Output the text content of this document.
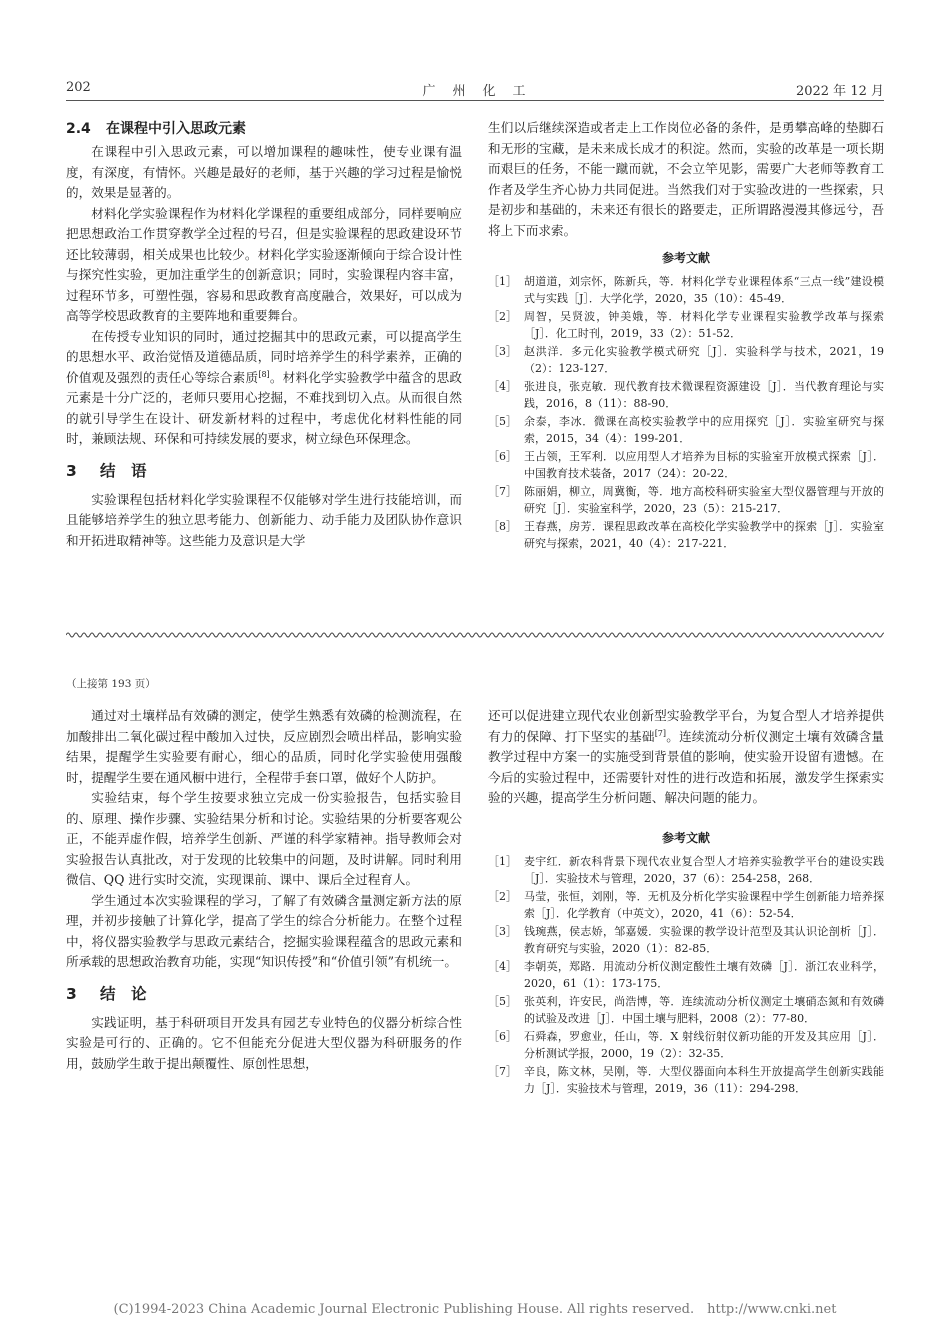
202	广　州　化　工	2022 年 12 月
2.4 在课程中引入思政元素

在课程中引入思政元素，可以增加课程的趣味性，使专业课有温度，有深度，有情怀。兴趣是最好的老师，基于兴趣的学习过程是愉悦的，效果是显著的。

材料化学实验课程作为材料化学课程的重要组成部分，同样要响应把思想政治工作贯穿教学全过程的号召，但是实验课程的思政建设环节还比较薄弱，相关成果也比较少。材料化学实验逐渐倾向于综合设计性与探究性实验，更加注重学生的创新意识；同时，实验课程内容丰富，过程环节多，可塑性强，容易和思政教育高度融合，效果好，可以成为高等学校思政教育的主要阵地和重要舞台。

在传授专业知识的同时，通过挖掘其中的思政元素，可以提高学生的思想水平、政治觉悟及道德品质，同时培养学生的科学素养，正确的价值观及强烈的责任心等综合素质[8]。材料化学实验教学中蕴含的思政元素是十分广泛的，老师只要用心挖掘，不难找到切入点。从而很自然的就引导学生在设计、研发新材料的过程中，考虑优化材料性能的同时，兼顾法规、环保和可持续发展的要求，树立绿色环保理念。

3 结　语

实验课程包括材料化学实验课程不仅能够对学生进行技能培训，而且能够培养学生的独立思考能力、创新能力、动手能力及团队协作意识和开拓进取精神等。这些能力及意识是大学

生们以后继续深造或者走上工作岗位必备的条件，是勇攀高峰的垫脚石和无形的宝藏，是未来成长成才的积淀。然而，实验的改革是一项长期而艰巨的任务，不能一蹴而就，不会立竿见影，需要广大老师等教育工作者及学生齐心协力共同促进。当然我们对于实验改进的一些探索，只是初步和基础的，未来还有很长的路要走，正所谓路漫漫其修远兮，吾将上下而求索。

参考文献
［1］ 胡道道，刘宗怀，陈新兵，等．材料化学专业课程体系“三点一线”建设模式与实践［J］．大学化学，2020，35（10）：45-49．
［2］ 周智，吴贤波，钟美娥，等．材料化学专业课程实验教学改革与探索［J］．化工时刊，2019，33（2）：51-52．
［3］ 赵洪洋．多元化实验教学模式研究［J］．实验科学与技术，2021，19（2）：123-127．
［4］ 张进良，张克敏．现代教育技术微课程资源建设［J］．当代教育理论与实践，2016，8（11）：88-90．
［5］ 余泰，李冰．微课在高校实验教学中的应用探究［J］．实验室研究与探索，2015，34（4）：199-201．
［6］ 王占领，王军利．以应用型人才培养为目标的实验室开放模式探索［J］．中国教育技术装备，2017（24）：20-22．
［7］ 陈丽娟，柳立，周冀衡，等．地方高校科研实验室大型仪器管理与开放的研究［J］．实验室科学，2020，23（5）：215-217．
［8］ 王春燕，房芳．课程思政改革在高校化学实验教学中的探索［J］．实验室研究与探索，2021，40（4）：217-221．
（上接第 193 页）

通过对土壤样品有效磷的测定，使学生熟悉有效磷的检测流程，在加酸排出二氧化碳过程中酸加入过快，反应剧烈会喷出样品，影响实验结果，提醒学生实验要有耐心，细心的品质，同时化学实验使用强酸时，提醒学生要在通风橱中进行，全程带手套口罩，做好个人防护。

实验结束，每个学生按要求独立完成一份实验报告，包括实验目的、原理、操作步骤、实验结果分析和讨论。实验结果的分析要客观公正，不能弄虚作假，培养学生创新、严谨的科学家精神。指导教师会对实验报告认真批改，对于发现的比较集中的问题，及时讲解。同时利用微信、QQ 进行实时交流，实现课前、课中、课后全过程育人。

学生通过本次实验课程的学习，了解了有效磷含量测定新方法的原理，并初步接触了计算化学，提高了学生的综合分析能力。在整个过程中，将仪器实验教学与思政元素结合，挖掘实验课程蕴含的思政元素和所承载的思想政治教育功能，实现“知识传授”和“价值引领”有机统一。

3 结　论

实践证明，基于科研项目开发具有园艺专业特色的仪器分析综合性实验是可行的、正确的。它不但能充分促进大型仪器为科研服务的作用，鼓励学生敢于提出颠覆性、原创性思想，

还可以促进建立现代农业创新型实验教学平台，为复合型人才培养提供有力的保障、打下坚实的基础[7]。连续流动分析仪测定土壤有效磷含量教学过程中方案一的实施受到背景值的影响，使实验开设留有遗憾。在今后的实验过程中，还需要针对性的进行改造和拓展，激发学生探索实验的兴趣，提高学生分析问题、解决问题的能力。

参考文献
［1］ 麦宇红．新农科背景下现代农业复合型人才培养实验教学平台的建设实践［J］．实验技术与管理，2020，37（6）：254-258，268．
［2］ 马莹，张恒，刘刚，等．无机及分析化学实验课程中学生创新能力培养探索［J］．化学教育（中英文），2020，41（6）：52-54．
［3］ 钱琬燕，侯志娇，邹嘉媛．实验课的教学设计范型及其认识论剖析［J］．教育研究与实验，2020（1）：82-85．
［4］ 李朝英，郑路．用流动分析仪测定酸性土壤有效磷［J］．浙江农业科学，2020，61（1）：173-175．
［5］ 张英利，许安民，尚浩博，等．连续流动分析仪测定土壤硝态氮和有效磷的试验及改进［J］．中国土壤与肥料，2008（2）：77-80．
［6］ 石舜森，罗愈业，任山，等．X 射线衍射仪新功能的开发及其应用［J］．分析测试学报，2000，19（2）：32-35．
［7］ 辛良，陈文林，吴刚，等．大型仪器面向本科生开放提高学生创新实践能力［J］．实验技术与管理，2019，36（11）：294-298．
(C)1994-2023 China Academic Journal Electronic Publishing House. All rights reserved.　http://www.cnki.net
